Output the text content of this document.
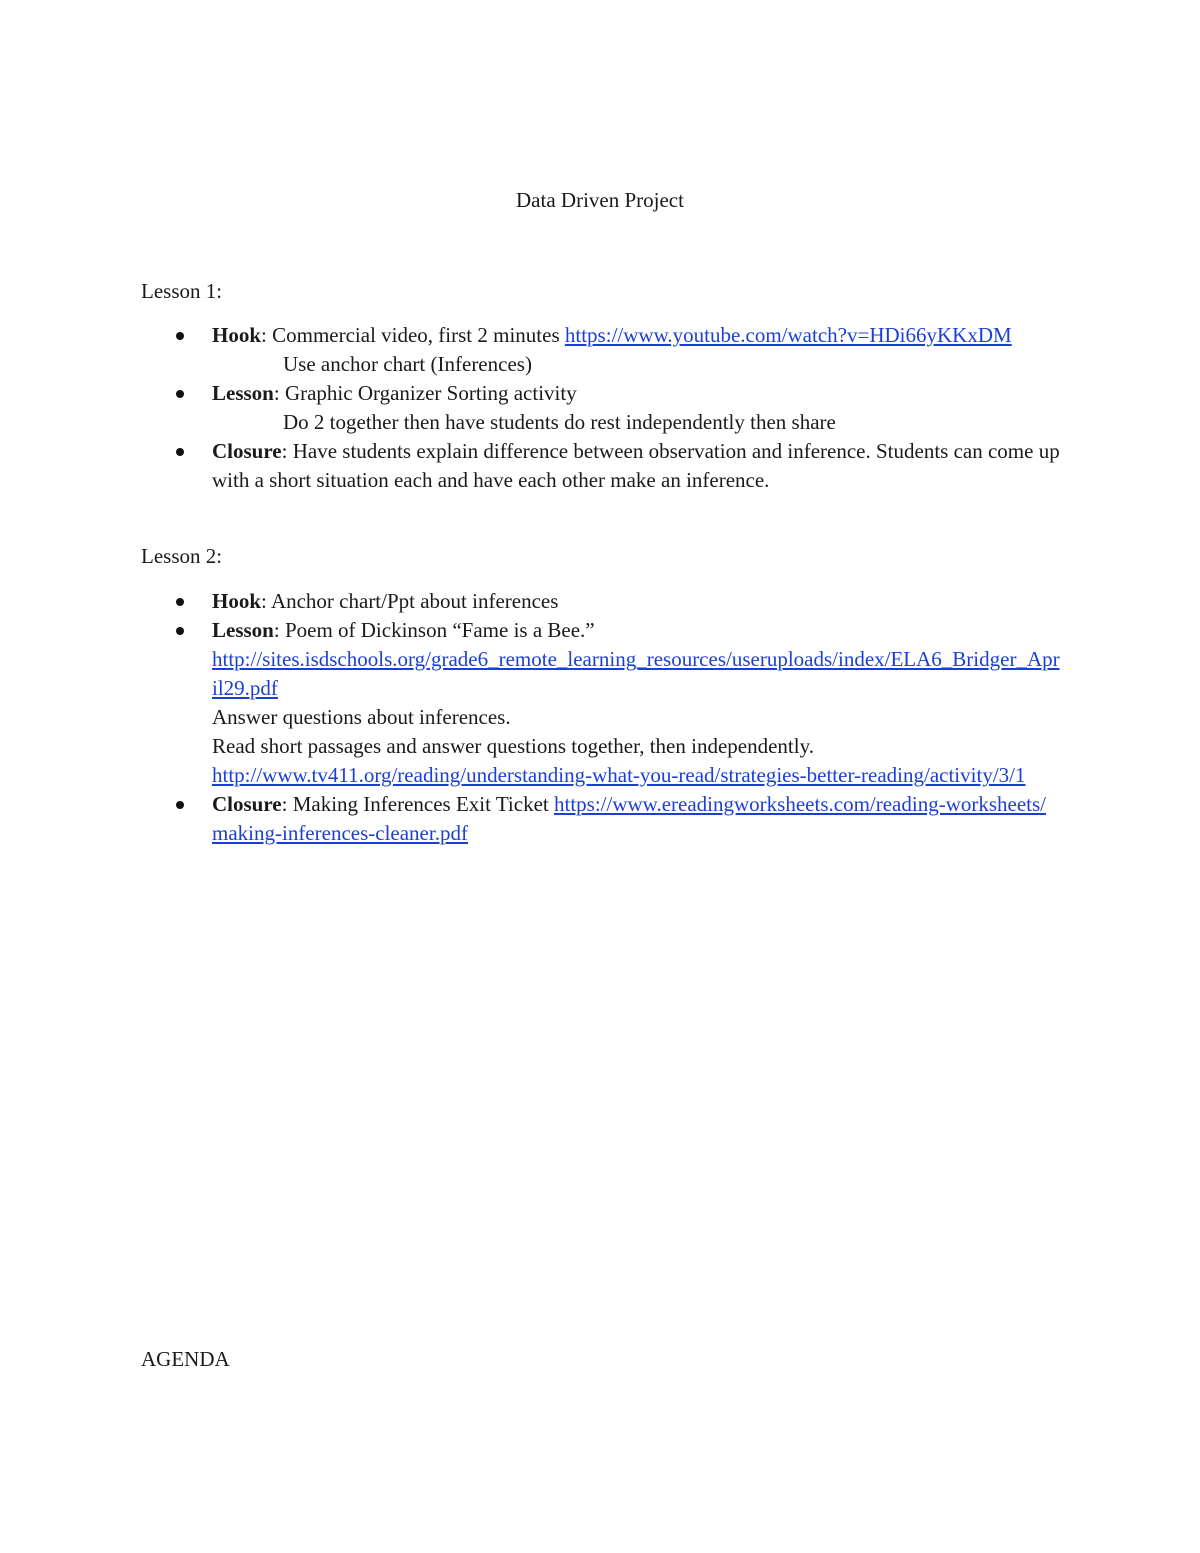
Data Driven Project
Lesson 1:
Hook: Commercial video, first 2 minutes https://www.youtube.com/watch?v=HDi66yKKxDM
Use anchor chart (Inferences)
Lesson: Graphic Organizer Sorting activity
Do 2 together then have students do rest independently then share
Closure: Have students explain difference between observation and inference. Students can come up with a short situation each and have each other make an inference.
Lesson 2:
Hook: Anchor chart/Ppt about inferences
Lesson: Poem of Dickinson “Fame is a Bee.”
http://sites.isdschools.org/grade6_remote_learning_resources/useruploads/index/ELA6_Bridger_April29.pdf
Answer questions about inferences.
Read short passages and answer questions together, then independently.
http://www.tv411.org/reading/understanding-what-you-read/strategies-better-reading/activity/3/1
Closure: Making Inferences Exit Ticket https://www.ereadingworksheets.com/reading-worksheets/making-inferences-cleaner.pdf
AGENDA
